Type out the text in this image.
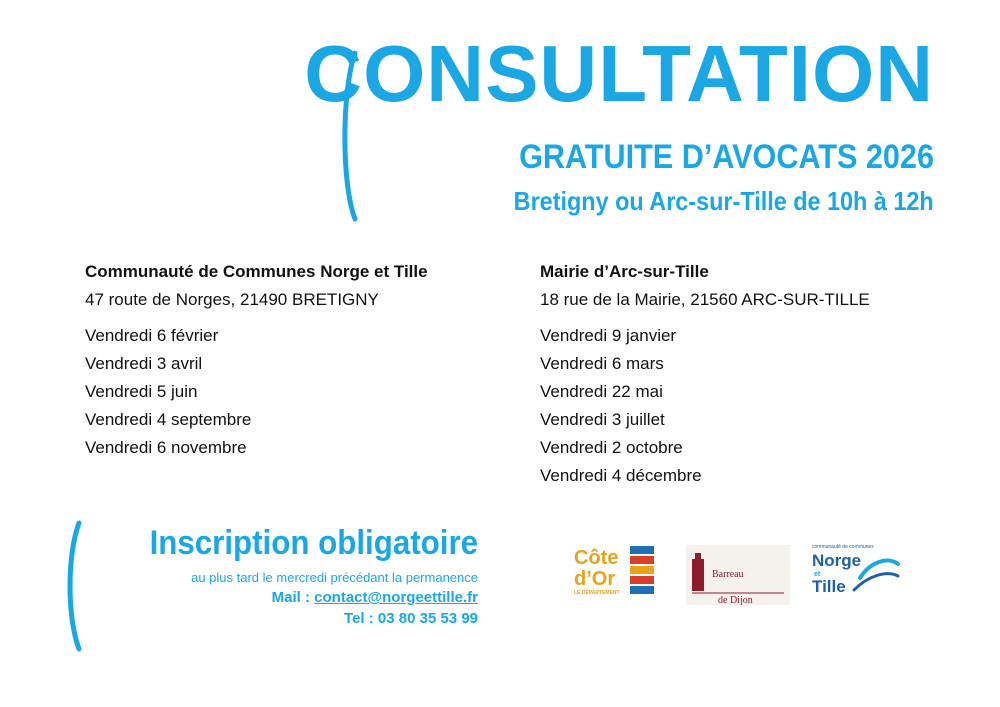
CONSULTATION
GRATUITE D’AVOCATS 2026
Bretigny ou Arc-sur-Tille de 10h à 12h
Communauté de Communes Norge et Tille
47 route de Norges, 21490 BRETIGNY
Vendredi 6 février
Vendredi 3 avril
Vendredi 5 juin
Vendredi 4 septembre
Vendredi 6 novembre
Mairie d’Arc-sur-Tille
18 rue de la Mairie, 21560 ARC-SUR-TILLE
Vendredi 9 janvier
Vendredi 6 mars
Vendredi 22 mai
Vendredi 3 juillet
Vendredi 2 octobre
Vendredi 4 décembre
Inscription obligatoire
au plus tard le mercredi précédant la permanence
Mail : contact@norgeettille.fr
Tel : 03 80 35 53 99
Côte
d’Or
LE DÉPARTEMENT
Barreau
de Dijon
communauté de communes
Norge
et
Tille
